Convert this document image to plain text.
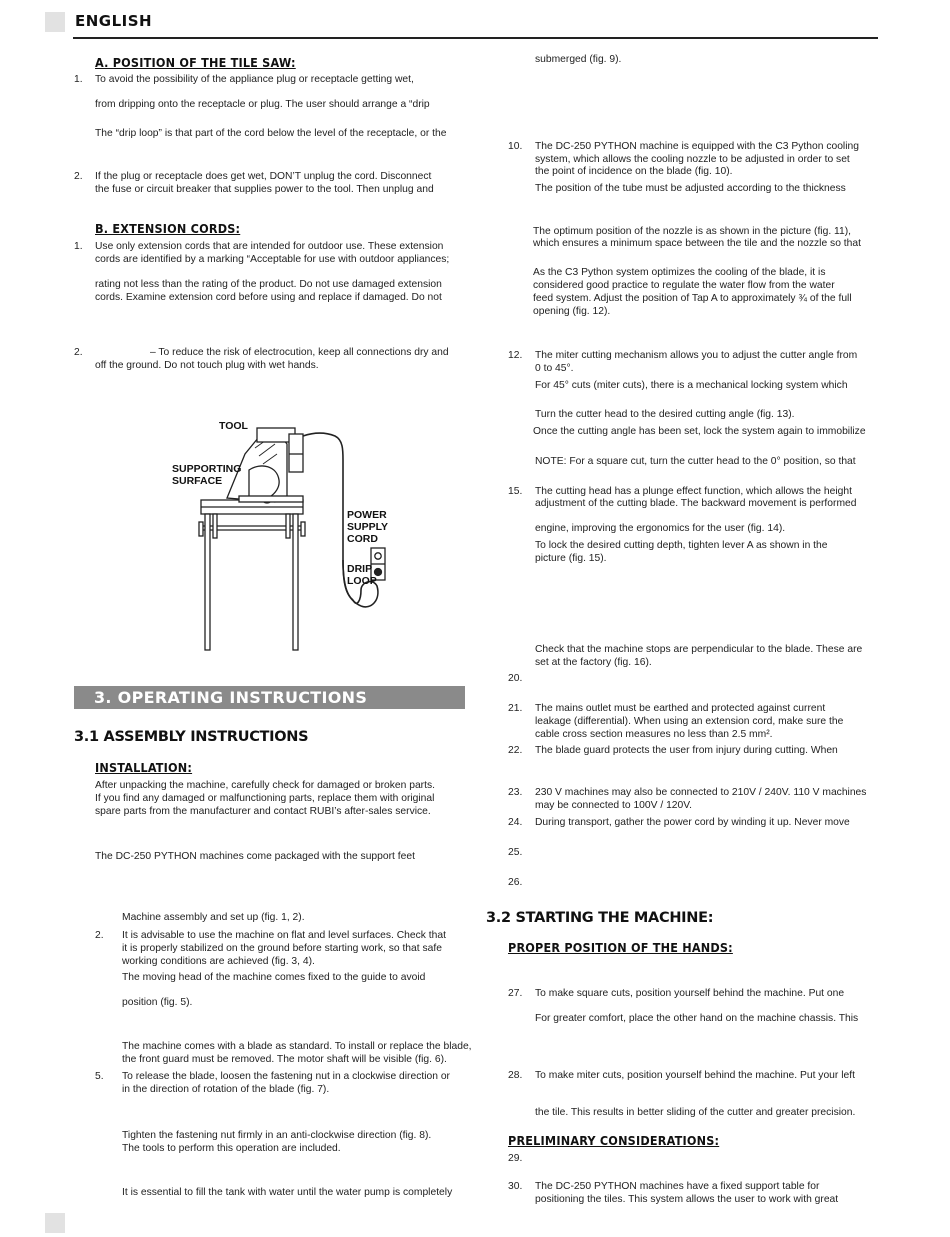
ENGLISH
A. POSITION OF THE TILE SAW:
1. To avoid the possibility of the appliance plug or receptacle getting wet,
from dripping onto the receptacle or plug. The user should arrange a “drip
The “drip loop” is that part of the cord below the level of the receptacle, or the
2. If the plug or receptacle does get wet, DON’T unplug the cord. Disconnect
the fuse or circuit breaker that supplies power to the tool. Then unplug and
B. EXTENSION CORDS:
1. Use only extension cords that are intended for outdoor use. These extension
cords are identified by a marking “Acceptable for use with outdoor appliances;
rating not less than the rating of the product. Do not use damaged extension
cords. Examine extension cord before using and replace if damaged. Do not
2.	– To reduce the risk of electrocution, keep all connections dry and
off the ground. Do not touch plug with wet hands.
TOOL
SUPPORTING
SURFACE
POWER
SUPPLY
CORD
DRIP
LOOP
3. OPERATING INSTRUCTIONS
3.1 ASSEMBLY INSTRUCTIONS
INSTALLATION:
After unpacking the machine, carefully check for damaged or broken parts.
If you find any damaged or malfunctioning parts, replace them with original
spare parts from the manufacturer and contact RUBI’s after-sales service.
The DC-250 PYTHON machines come packaged with the support feet
Machine assembly and set up (fig. 1, 2).
2. It is advisable to use the machine on flat and level surfaces. Check that
it is properly stabilized on the ground before starting work, so that safe
working conditions are achieved (fig. 3, 4).
The moving head of the machine comes fixed to the guide to avoid
position (fig. 5).
The machine comes with a blade as standard. To install or replace the blade,
the front guard must be removed. The motor shaft will be visible (fig. 6).
5. To release the blade, loosen the fastening nut in a clockwise direction or
in the direction of rotation of the blade (fig. 7).
Tighten the fastening nut firmly in an anti-clockwise direction (fig. 8).
The tools to perform this operation are included.
It is essential to fill the tank with water until the water pump is completely
submerged (fig. 9).
10. The DC-250 PYTHON machine is equipped with the C3 Python cooling
system, which allows the cooling nozzle to be adjusted in order to set
the point of incidence on the blade (fig. 10).
The position of the tube must be adjusted according to the thickness
The optimum position of the nozzle is as shown in the picture (fig. 11),
which ensures a minimum space between the tile and the nozzle so that
As the C3 Python system optimizes the cooling of the blade, it is
considered good practice to regulate the water flow from the water
feed system. Adjust the position of Tap A to approximately ¾ of the full
opening (fig. 12).
12. The miter cutting mechanism allows you to adjust the cutter angle from
0 to 45°.
For 45° cuts (miter cuts), there is a mechanical locking system which
Turn the cutter head to the desired cutting angle (fig. 13).
Once the cutting angle has been set, lock the system again to immobilize
NOTE: For a square cut, turn the cutter head to the 0° position, so that
15. The cutting head has a plunge effect function, which allows the height
adjustment of the cutting blade. The backward movement is performed
engine, improving the ergonomics for the user (fig. 14).
To lock the desired cutting depth, tighten lever A as shown in the
picture (fig. 15).
Check that the machine stops are perpendicular to the blade. These are
set at the factory (fig. 16).
20.
21. The mains outlet must be earthed and protected against current
leakage (differential). When using an extension cord, make sure the
cable cross section measures no less than 2.5 mm².
22. The blade guard protects the user from injury during cutting. When
23. 230 V machines may also be connected to 210V / 240V. 110 V machines
may be connected to 100V / 120V.
24. During transport, gather the power cord by winding it up. Never move
25.
26.
3.2 STARTING THE MACHINE:
PROPER POSITION OF THE HANDS:
27. To make square cuts, position yourself behind the machine. Put one
For greater comfort, place the other hand on the machine chassis. This
28. To make miter cuts, position yourself behind the machine. Put your left
the tile. This results in better sliding of the cutter and greater precision.
PRELIMINARY CONSIDERATIONS:
29.
30. The DC-250 PYTHON machines have a fixed support table for
positioning the tiles. This system allows the user to work with great
